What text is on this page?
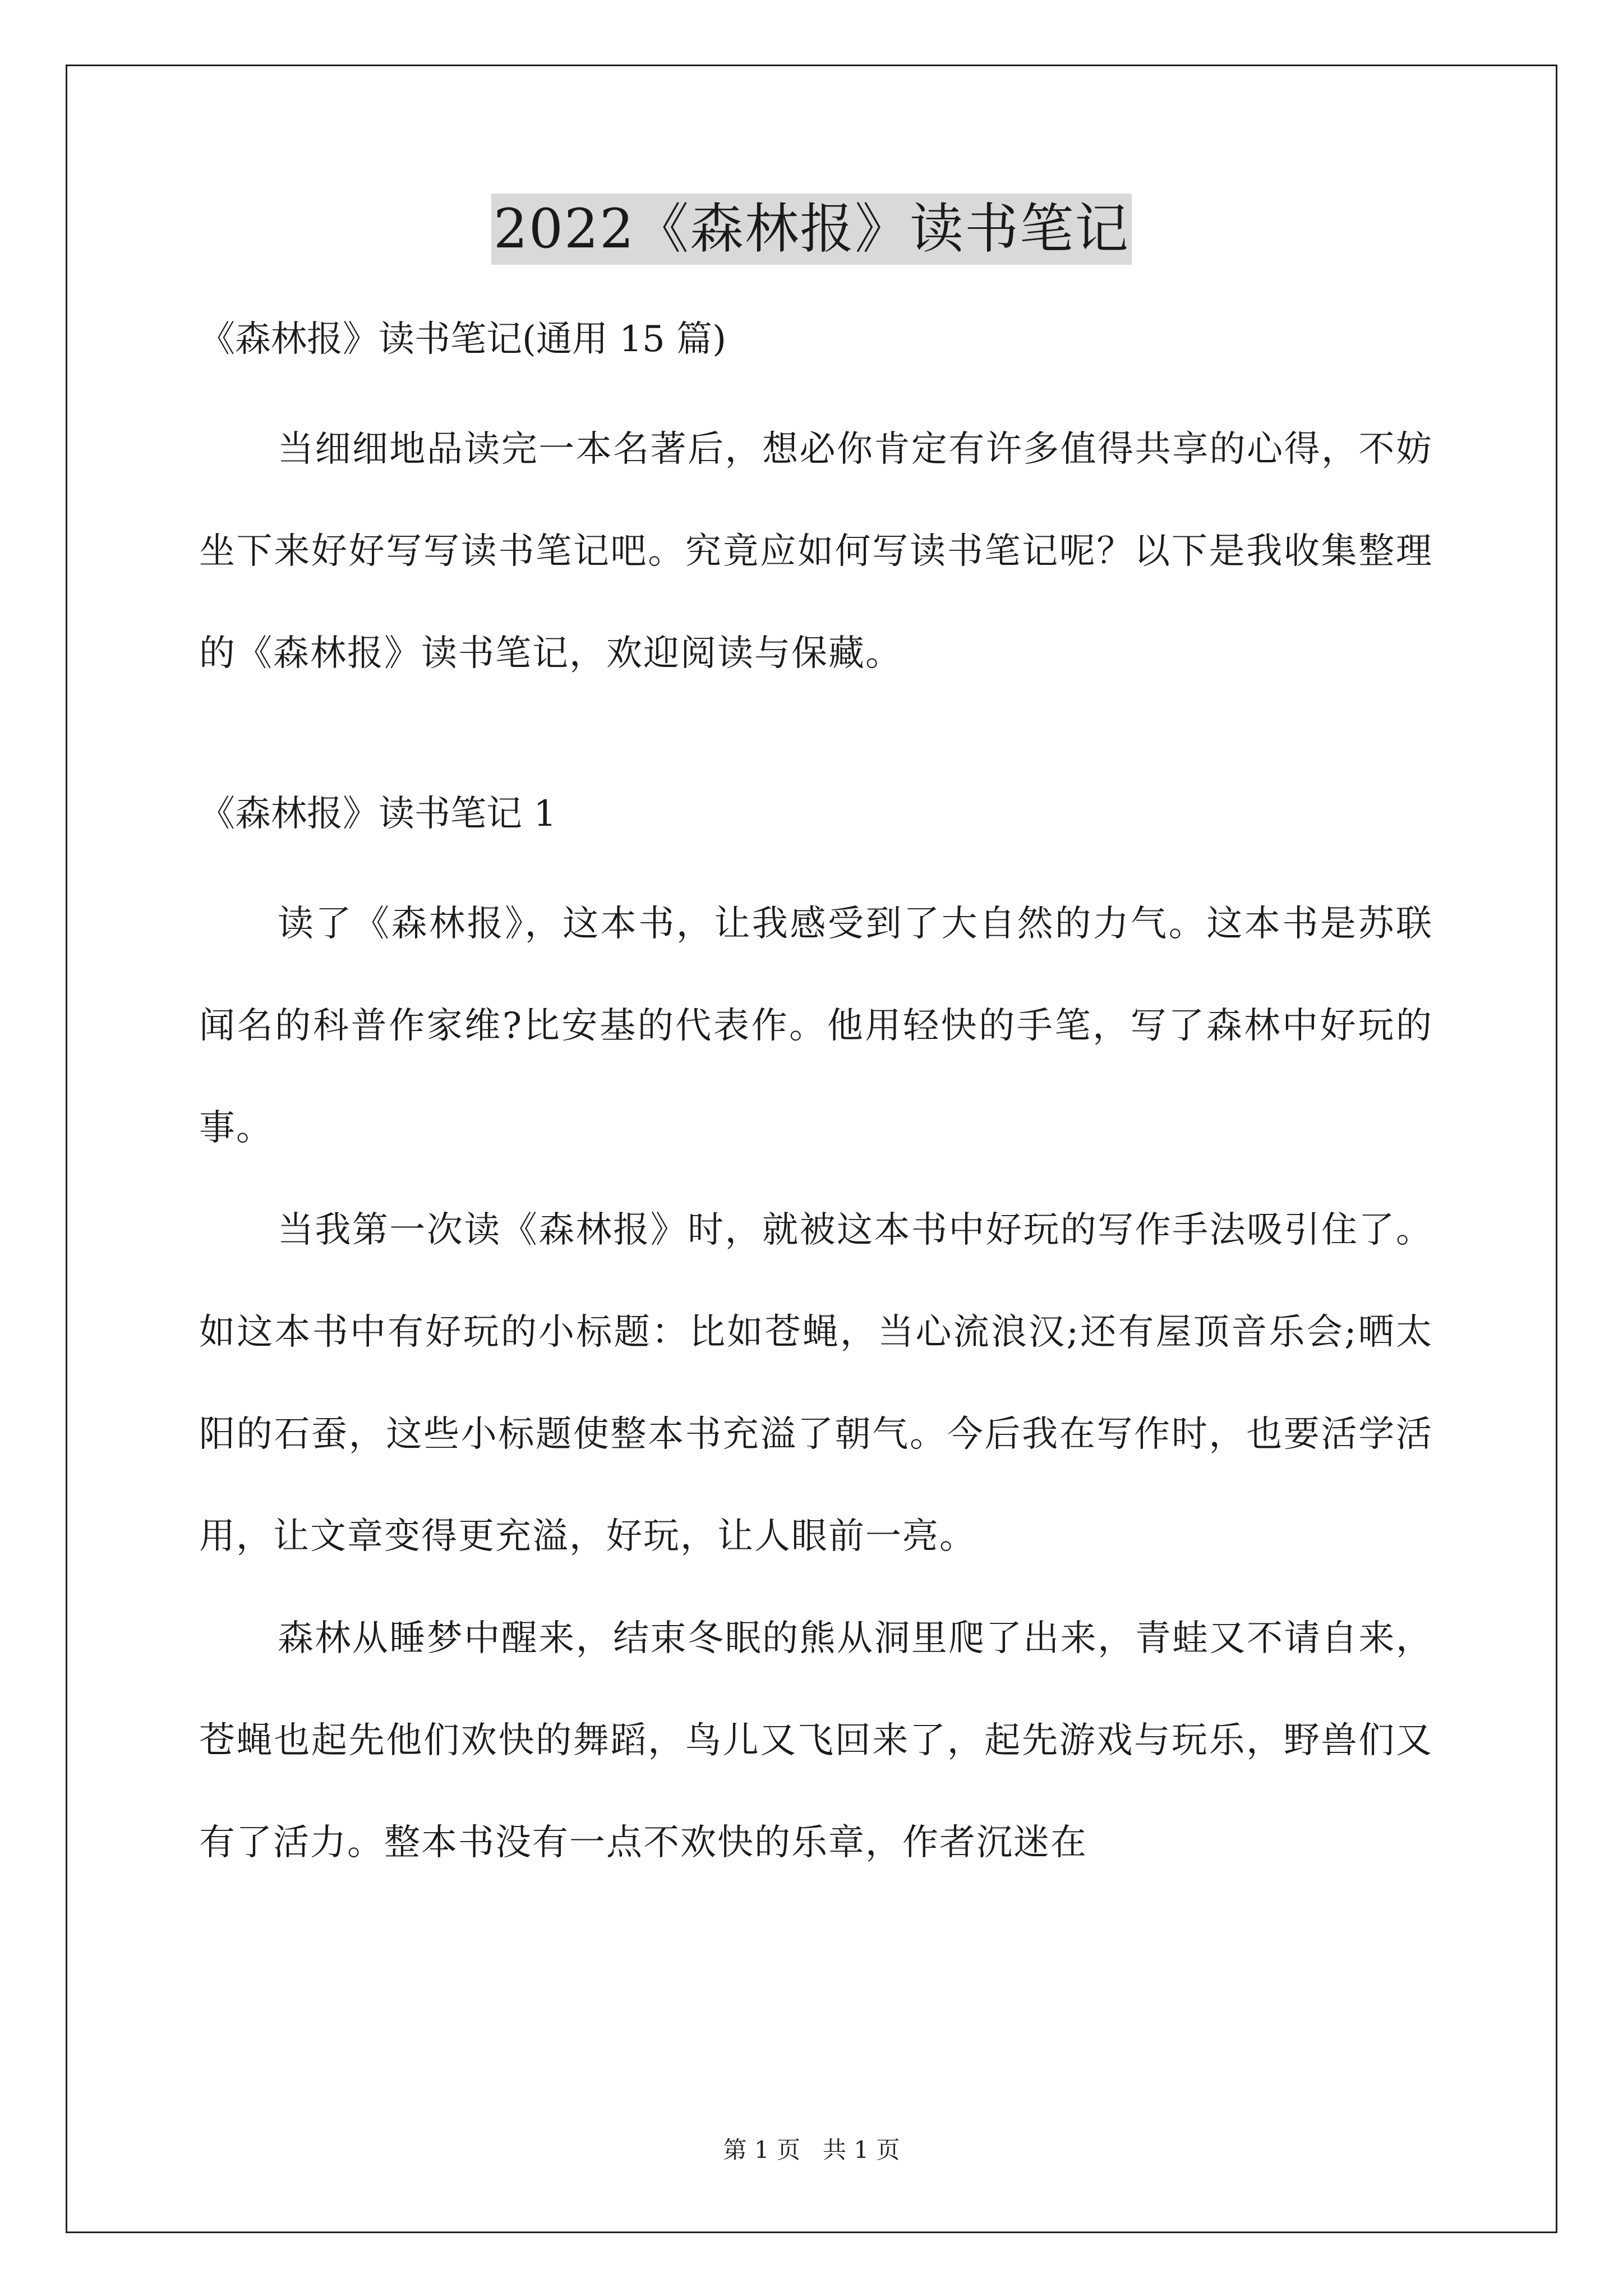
2022《森林报》读书笔记

《森林报》读书笔记(通用 15 篇)

当细细地品读完一本名著后，想必你肯定有许多值得共享的心得，不妨坐下来好好写写读书笔记吧。究竟应如何写读书笔记呢？以下是我收集整理的《森林报》读书笔记，欢迎阅读与保藏。

《森林报》读书笔记 1

读了《森林报》，这本书，让我感受到了大自然的力气。这本书是苏联闻名的科普作家维?比安基的代表作。他用轻快的手笔，写了森林中好玩的事。

当我第一次读《森林报》时，就被这本书中好玩的写作手法吸引住了。如这本书中有好玩的小标题：比如苍蝇，当心流浪汉;还有屋顶音乐会;晒太阳的石蚕，这些小标题使整本书充溢了朝气。今后我在写作时，也要活学活用，让文章变得更充溢，好玩，让人眼前一亮。

森林从睡梦中醒来，结束冬眠的熊从洞里爬了出来，青蛙又不请自来，苍蝇也起先他们欢快的舞蹈，鸟儿又飞回来了，起先游戏与玩乐，野兽们又有了活力。整本书没有一点不欢快的乐章，作者沉迷在

第 1 页   共 1 页
